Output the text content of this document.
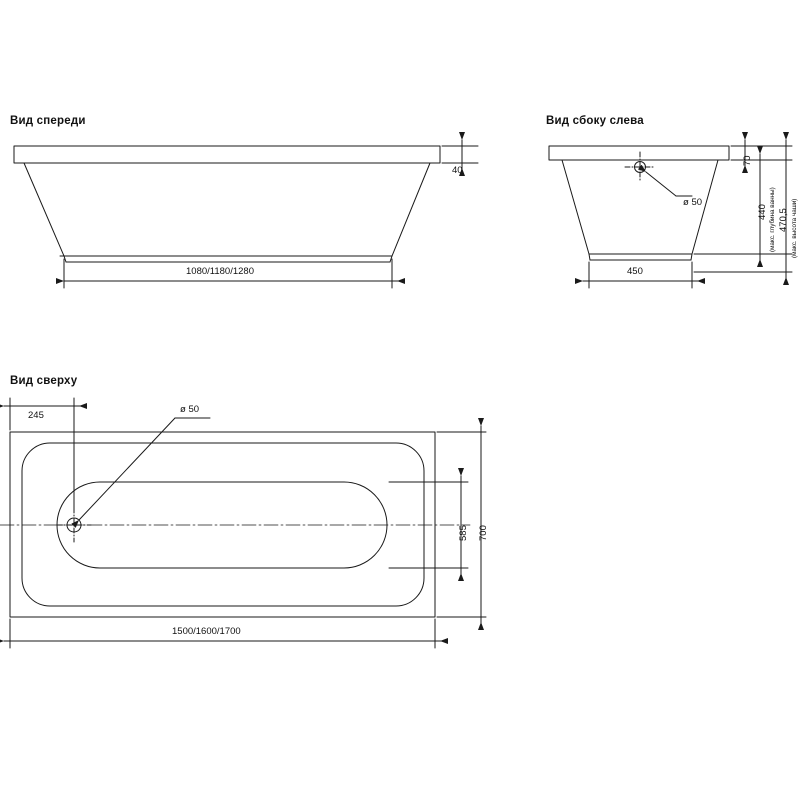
Вид спереди	Вид сбоку слева
Вид сверху
1080/1180/1280
40
ø 50
450
70
440 (макс. глубина ванны) 470,5 (макс. высота чаши)
245
ø 50
1500/1600/1700
585 700
